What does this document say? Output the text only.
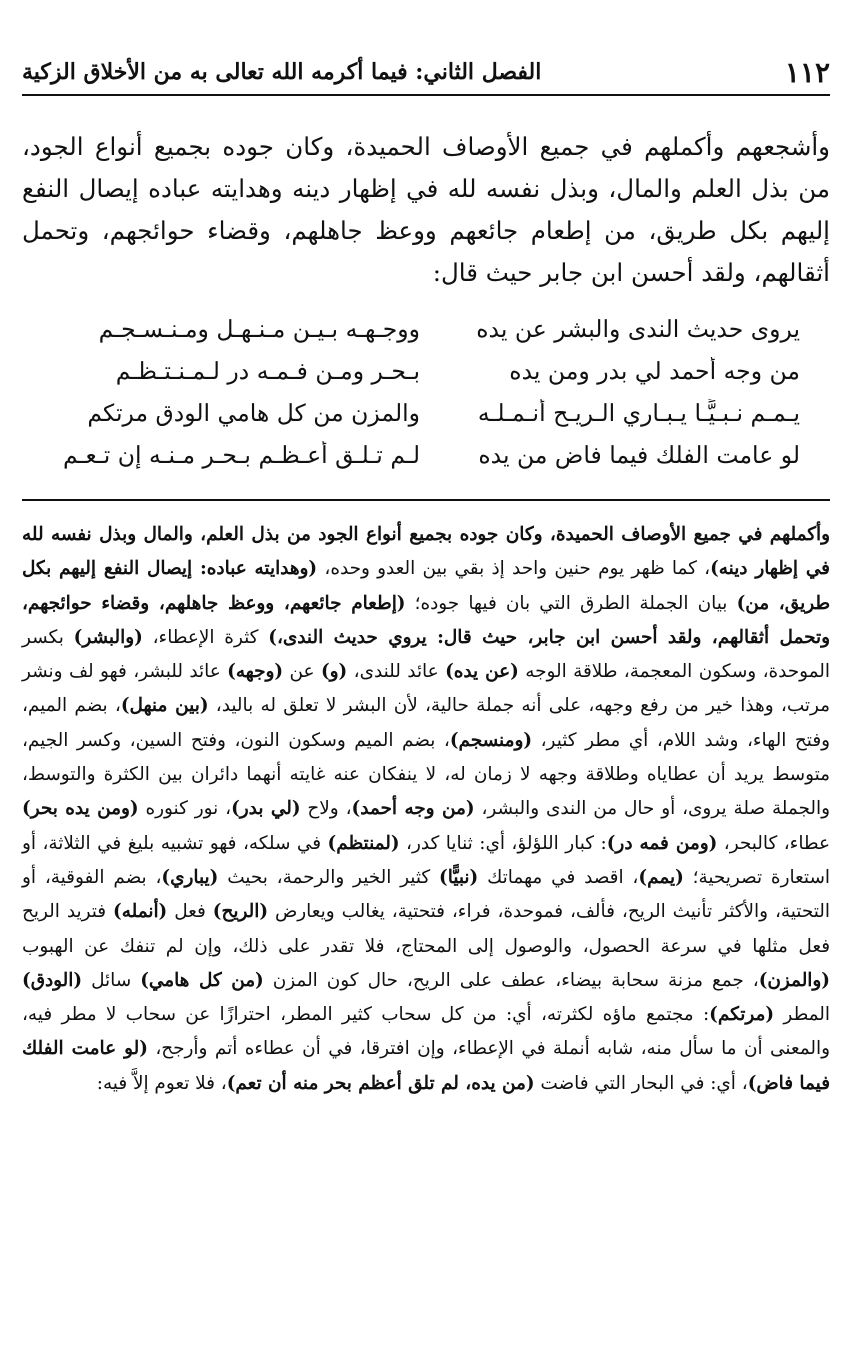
١١٢
الفصل الثاني: فيما أكرمه الله تعالى به من الأخلاق الزكية

وأشجعهم وأكملهم في جميع الأوصاف الحميدة، وكان جوده بجميع أنواع الجود، من بذل العلم والمال، وبذل نفسه لله في إظهار دينه وهدايته عباده إيصال النفع إليهم بكل طريق، من إطعام جائعهم ووعظ جاهلهم، وقضاء حوائجهم، وتحمل أثقالهم، ولقد أحسن ابن جابر حيث قال:

يروى حديث الندى والبشر عن يده
ووجـهـه بـيـن مـنـهـل ومـنـسـجـم
من وجه أحمد لي بدر ومن يده
بـحـر ومـن فـمـه در لـمـنـتـظـم
يـمـم نـبـيًّـا يـبـاري الـريـح أنـمـلـه
والمزن من كل هامي الودق مرتكم
لو عامت الفلك فيما فاض من يده
لـم تـلـق أعـظـم بـحـر مـنـه إن تـعـم

وأكملهم في جميع الأوصاف الحميدة، وكان جوده بجميع أنواع الجود من بذل العلم، والمال وبذل نفسه لله في إظهار دينه)، كما ظهر يوم حنين واحد إذ بقي بين العدو وحده، (وهدايته عباده: إيصال النفع إليهم بكل طريق، من) بيان الجملة الطرق التي بان فيها جوده؛ (إطعام جائعهم، ووعظ جاهلهم، وقضاء حوائجهم، وتحمل أثقالهم، ولقد أحسن ابن جابر، حيث قال: يروي حديث الندى،) كثرة الإعطاء، (والبشر) بكسر الموحدة، وسكون المعجمة، طلاقة الوجه (عن يده) عائد للندى، (و) عن (وجهه) عائد للبشر، فهو لف ونشر مرتب، وهذا خير من رفع وجهه، على أنه جملة حالية، لأن البشر لا تعلق له باليد، (بين منهل)، بضم الميم، وفتح الهاء، وشد اللام، أي مطر كثير، (ومنسجم)، بضم الميم وسكون النون، وفتح السين، وكسر الجيم، متوسط يريد أن عطاياه وطلاقة وجهه لا زمان له، لا ينفكان عنه غايته أنهما دائران بين الكثرة والتوسط، والجملة صلة يروى، أو حال من الندى والبشر، (من وجه أحمد)، ولاح (لي بدر)، نور كنوره (ومن يده بحر) عطاء، كالبحر، (ومن فمه در): كبار اللؤلؤ، أي: ثنايا كدر، (لمنتظم) في سلكه، فهو تشبيه بليغ في الثلاثة، أو استعارة تصريحية؛ (يمم)، اقصد في مهماتك (نبيًّا) كثير الخير والرحمة، بحيث (يباري)، بضم الفوقية، أو التحتية، والأكثر تأنيث الريح، فألف، فموحدة، فراء، فتحتية، يغالب ويعارض (الريح) فعل (أنمله) فتريد الريح فعل مثلها في سرعة الحصول، والوصول إلى المحتاج، فلا تقدر على ذلك، وإن لم تنفك عن الهبوب (والمزن)، جمع مزنة سحابة بيضاء، عطف على الريح، حال كون المزن (من كل هامي) سائل (الودق) المطر (مرتكم): مجتمع ماؤه لكثرته، أي: من كل سحاب كثير المطر، احترازًا عن سحاب لا مطر فيه، والمعنى أن ما سأل منه، شابه أنملة في الإعطاء، وإن افترقا، في أن عطاءه أتم وأرجح، (لو عامت الفلك فيما فاض)، أي: في البحار التي فاضت (من يده، لم تلق أعظم بحر منه أن تعم)، فلا تعوم إلاَّ فيه:
